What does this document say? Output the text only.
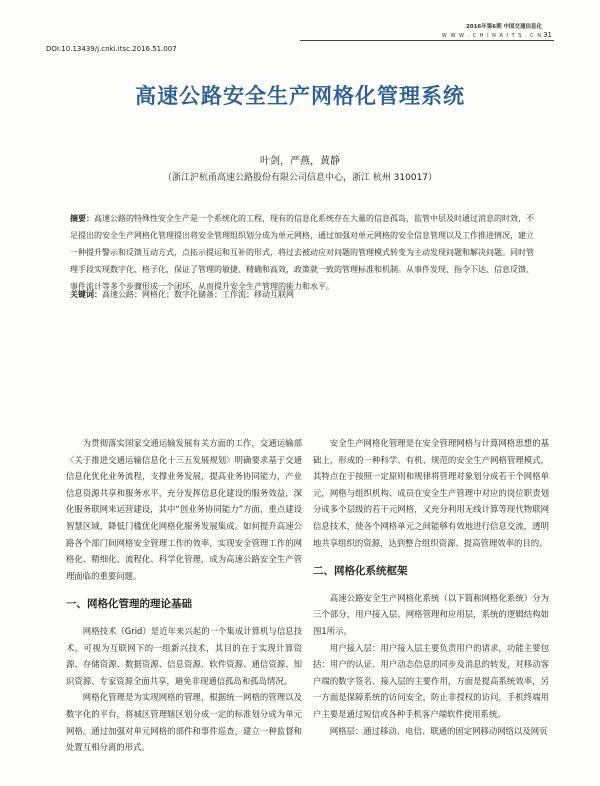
2016年第6期 中国交通信息化
W W W . C H I N A I T S . C N 31
DOI:10.13439/j.cnki.itsc.2016.51.007
高速公路安全生产网格化管理系统
叶剑，严燕，黄静
（浙江沪杭甬高速公路股份有限公司信息中心，浙江 杭州 310017）
摘要：高速公路的特殊性安全生产是一个系统化的工程，现有的信息化系统存在大量的信息孤岛，监管中层及时通过消息的时效，不足提出的安全生产网格化管理提出将安全管理组织划分成为单元网格，通过加强对单元网格的安全信息管理以及工作推进情况，建立一种提升警示和反馈互动方式，点拓示提运和互补的形式，将过去被动应对问题的管理模式转变为主动发现问题和解决问题。同时管理手段实现数字化、格子化，保证了管理的敏捷、精确和高效，政策就一致的管理标准和机制。从事件发现、指令下达、信息反馈、事件流计等多个步骤形成一个闭环，从而提升安全生产管理的能力和水平。
关键词：高速公路；网格化；数字化储备；工作流；移动互联网

为贯彻落实国家交通运输发展有关方面的工作，交通运输部〈关于推进交通运输信息化十三五发展规划〉明确要求基于交通信息化优化业务流程，支撑业务发展，提高业务协同能力，产业信息资源共享和服务水平，充分发挥信息化建设的服务效益，深化服务联网来运营建设，其中“创业务协同能力”方面，重点建设智慧区域，降低门槛优化网格化服务发展集成。如何提升高速公路各个部门间网格安全管理工作的效率，实现安全管理工作的网格化、精细化、流程化、科学化管理，成为高速公路安全生产管理面临的重要问题。

一、网格化管理的理论基础

网格技术（Grid）是近年来兴起的一个集成计算机与信息技术，可视为互联网下的一组新兴技术，其目的在于实现计算资源、存储资源、数据资源、信息资源、软件资源、通信资源、知识资源、专家资源全面共享，避免非现通信孤岛和孤岛情况。

网格化管理是为实现网格的管理，根据统一网格的管理以及数字化的平台，将城区管理辖区划分成一定的标准划分成为单元网格。通过加强对单元网格的部件和事件巡查，建立一种监督和处置互相分离的形式。

安全生产网格化管理是在安全管理网格与计算网格思想的基础上，形成的一种科学、有机、规范的安全生产网格管理模式，其特点在于按照一定原则和规律将管理对象划分成若干个网格单元，网格与组织机构、成员在安全生产管理中对应的岗位职责划分成多个层级的若干元网格，又充分利用无线计算等现代物联网信息技术，使各个网格单元之间能够有效地进行信息交流，透明地共享组织的资源，达到整合组织资源、提高管理效率的目的。

二、网格化系统框架

高速公路安全生产网格化系统（以下简称网格化系统）分为三个部分，用户接入层、网格管理和应用层，系统的逻辑结构如图1所示。

用户接入层：用户接入层主要负责用户的请求，功能主要包括：用户的认证、用户动态信息的同步及消息的转发，对移动客户端的数字签名、接入层的主要作用，方面是提高系统效率，另一方面是保障系统的访问安全，防止非授权的访问，手机终端用户主要是通过短信或各种手机客户端软件使用系统。

网格层：通过移动、电信、联通的固定网移动网络以及网页
